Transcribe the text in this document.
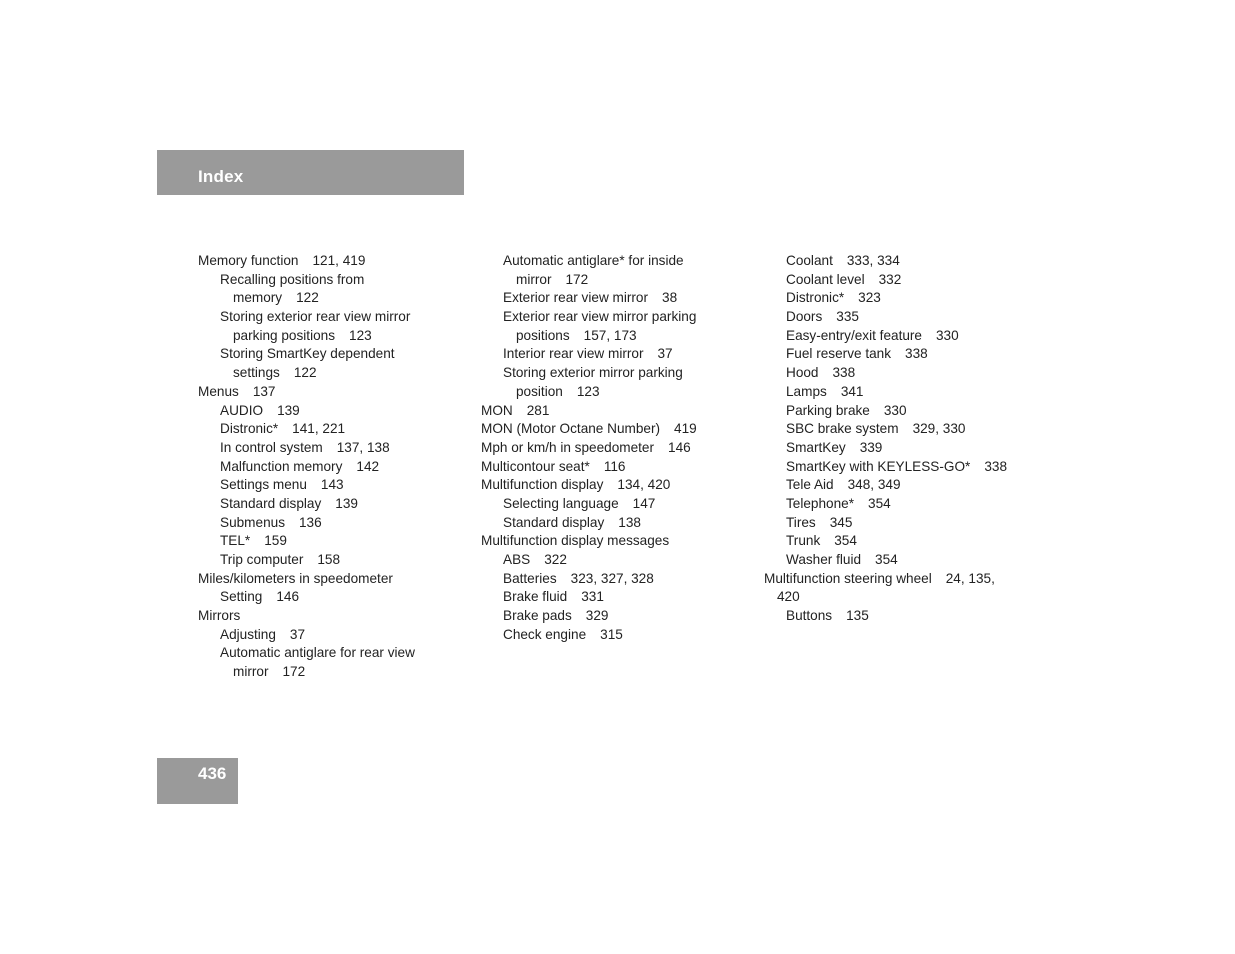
Index
Memory function 121, 419
Recalling positions from
memory 122
Storing exterior rear view mirror
parking positions 123
Storing SmartKey dependent
settings 122
Menus 137
AUDIO 139
Distronic* 141, 221
In control system 137, 138
Malfunction memory 142
Settings menu 143
Standard display 139
Submenus 136
TEL* 159
Trip computer 158
Miles/kilometers in speedometer
Setting 146
Mirrors
Adjusting 37
Automatic antiglare for rear view
mirror 172
Automatic antiglare* for inside
mirror 172
Exterior rear view mirror 38
Exterior rear view mirror parking
positions 157, 173
Interior rear view mirror 37
Storing exterior mirror parking
position 123
MON 281
MON (Motor Octane Number) 419
Mph or km/h in speedometer 146
Multicontour seat* 116
Multifunction display 134, 420
Selecting language 147
Standard display 138
Multifunction display messages
ABS 322
Batteries 323, 327, 328
Brake fluid 331
Brake pads 329
Check engine 315
Coolant 333, 334
Coolant level 332
Distronic* 323
Doors 335
Easy-entry/exit feature 330
Fuel reserve tank 338
Hood 338
Lamps 341
Parking brake 330
SBC brake system 329, 330
SmartKey 339
SmartKey with KEYLESS-GO* 338
Tele Aid 348, 349
Telephone* 354
Tires 345
Trunk 354
Washer fluid 354
Multifunction steering wheel 24, 135,
420
Buttons 135
436
